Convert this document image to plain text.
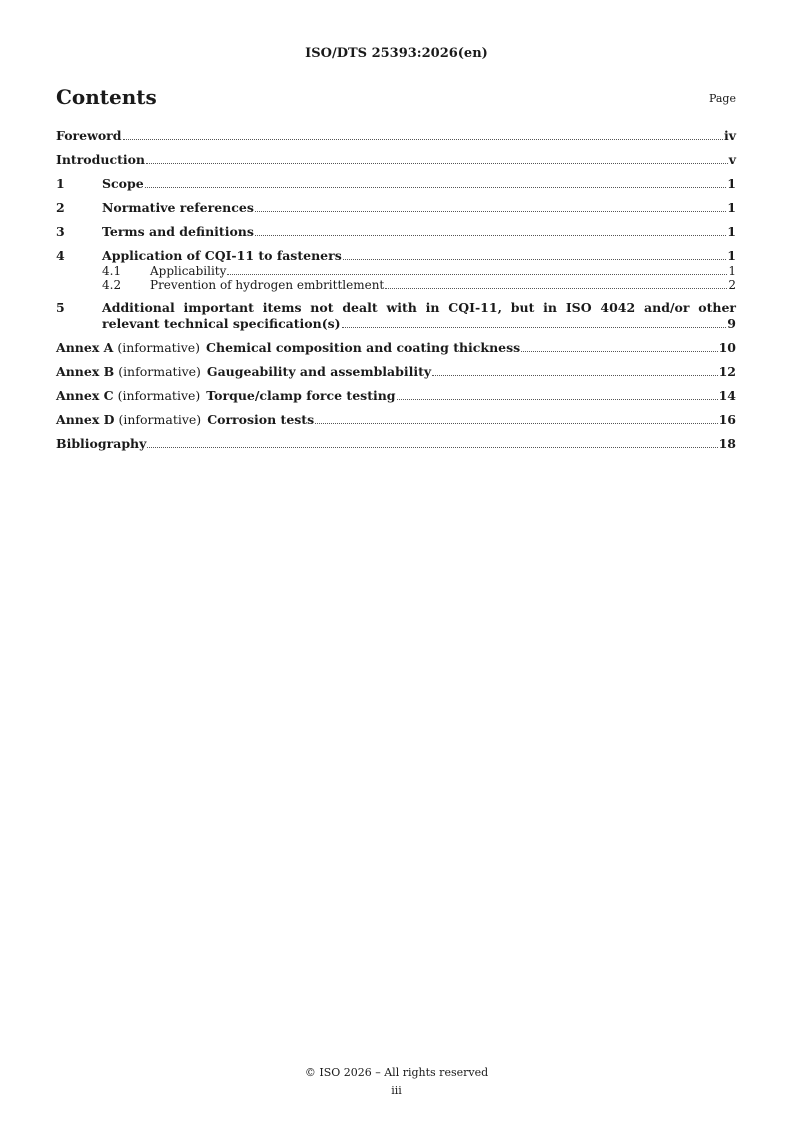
ISO/DTS 25393:2026(en)
Contents	Page
Foreword	iv
Introduction	v
1	Scope	1
2	Normative references	1
3	Terms and definitions	1
4	Application of CQI-11 to fasteners	1
4.1	Applicability	1
4.2	Prevention of hydrogen embrittlement	2
5	Additional important items not dealt with in CQI-11, but in ISO 4042 and/or other
relevant technical specification(s)	9
Annex A (informative) Chemical composition and coating thickness	10
Annex B (informative) Gaugeability and assemblability	12
Annex C (informative) Torque/clamp force testing	14
Annex D (informative) Corrosion tests	16
Bibliography	18
© ISO 2026 – All rights reserved
iii
